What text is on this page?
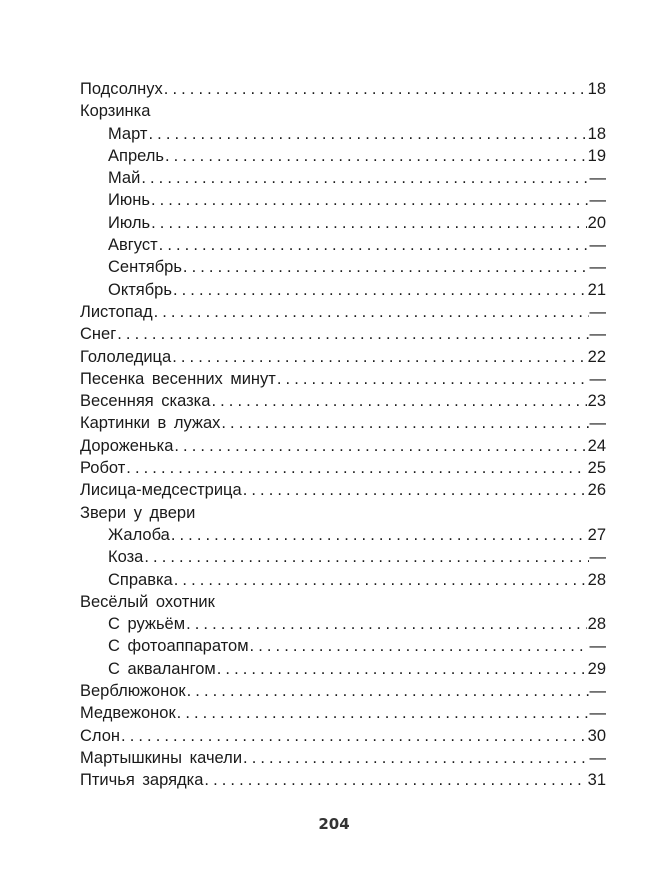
Подсолнух . . .	18
Корзинка
Март . . .	18
Апрель . . .	19
Май . . .	—
Июнь . . .	—
Июль . . .	20
Август . . .	—
Сентябрь . . .	—
Октябрь . . .	21
Листопад . . .	—
Снег . . .	—
Гололедица . . .	22
Песенка весенних минут . . .	—
Весенняя сказка . . .	23
Картинки в лужах . . .	—
Дороженька . . .	24
Робот . . .	25
Лисица-медсестрица . . .	26
Звери у двери
Жалоба . . .	27
Коза . . .	—
Справка . . .	28
Весёлый охотник
С ружьём . . .	28
С фотоаппаратом . . .	—
С аквалангом . . .	29
Верблюжонок . . .	—
Медвежонок . . .	—
Слон . . .	30
Мартышкины качели . . .	—
Птичья зарядка . . .	31
204
